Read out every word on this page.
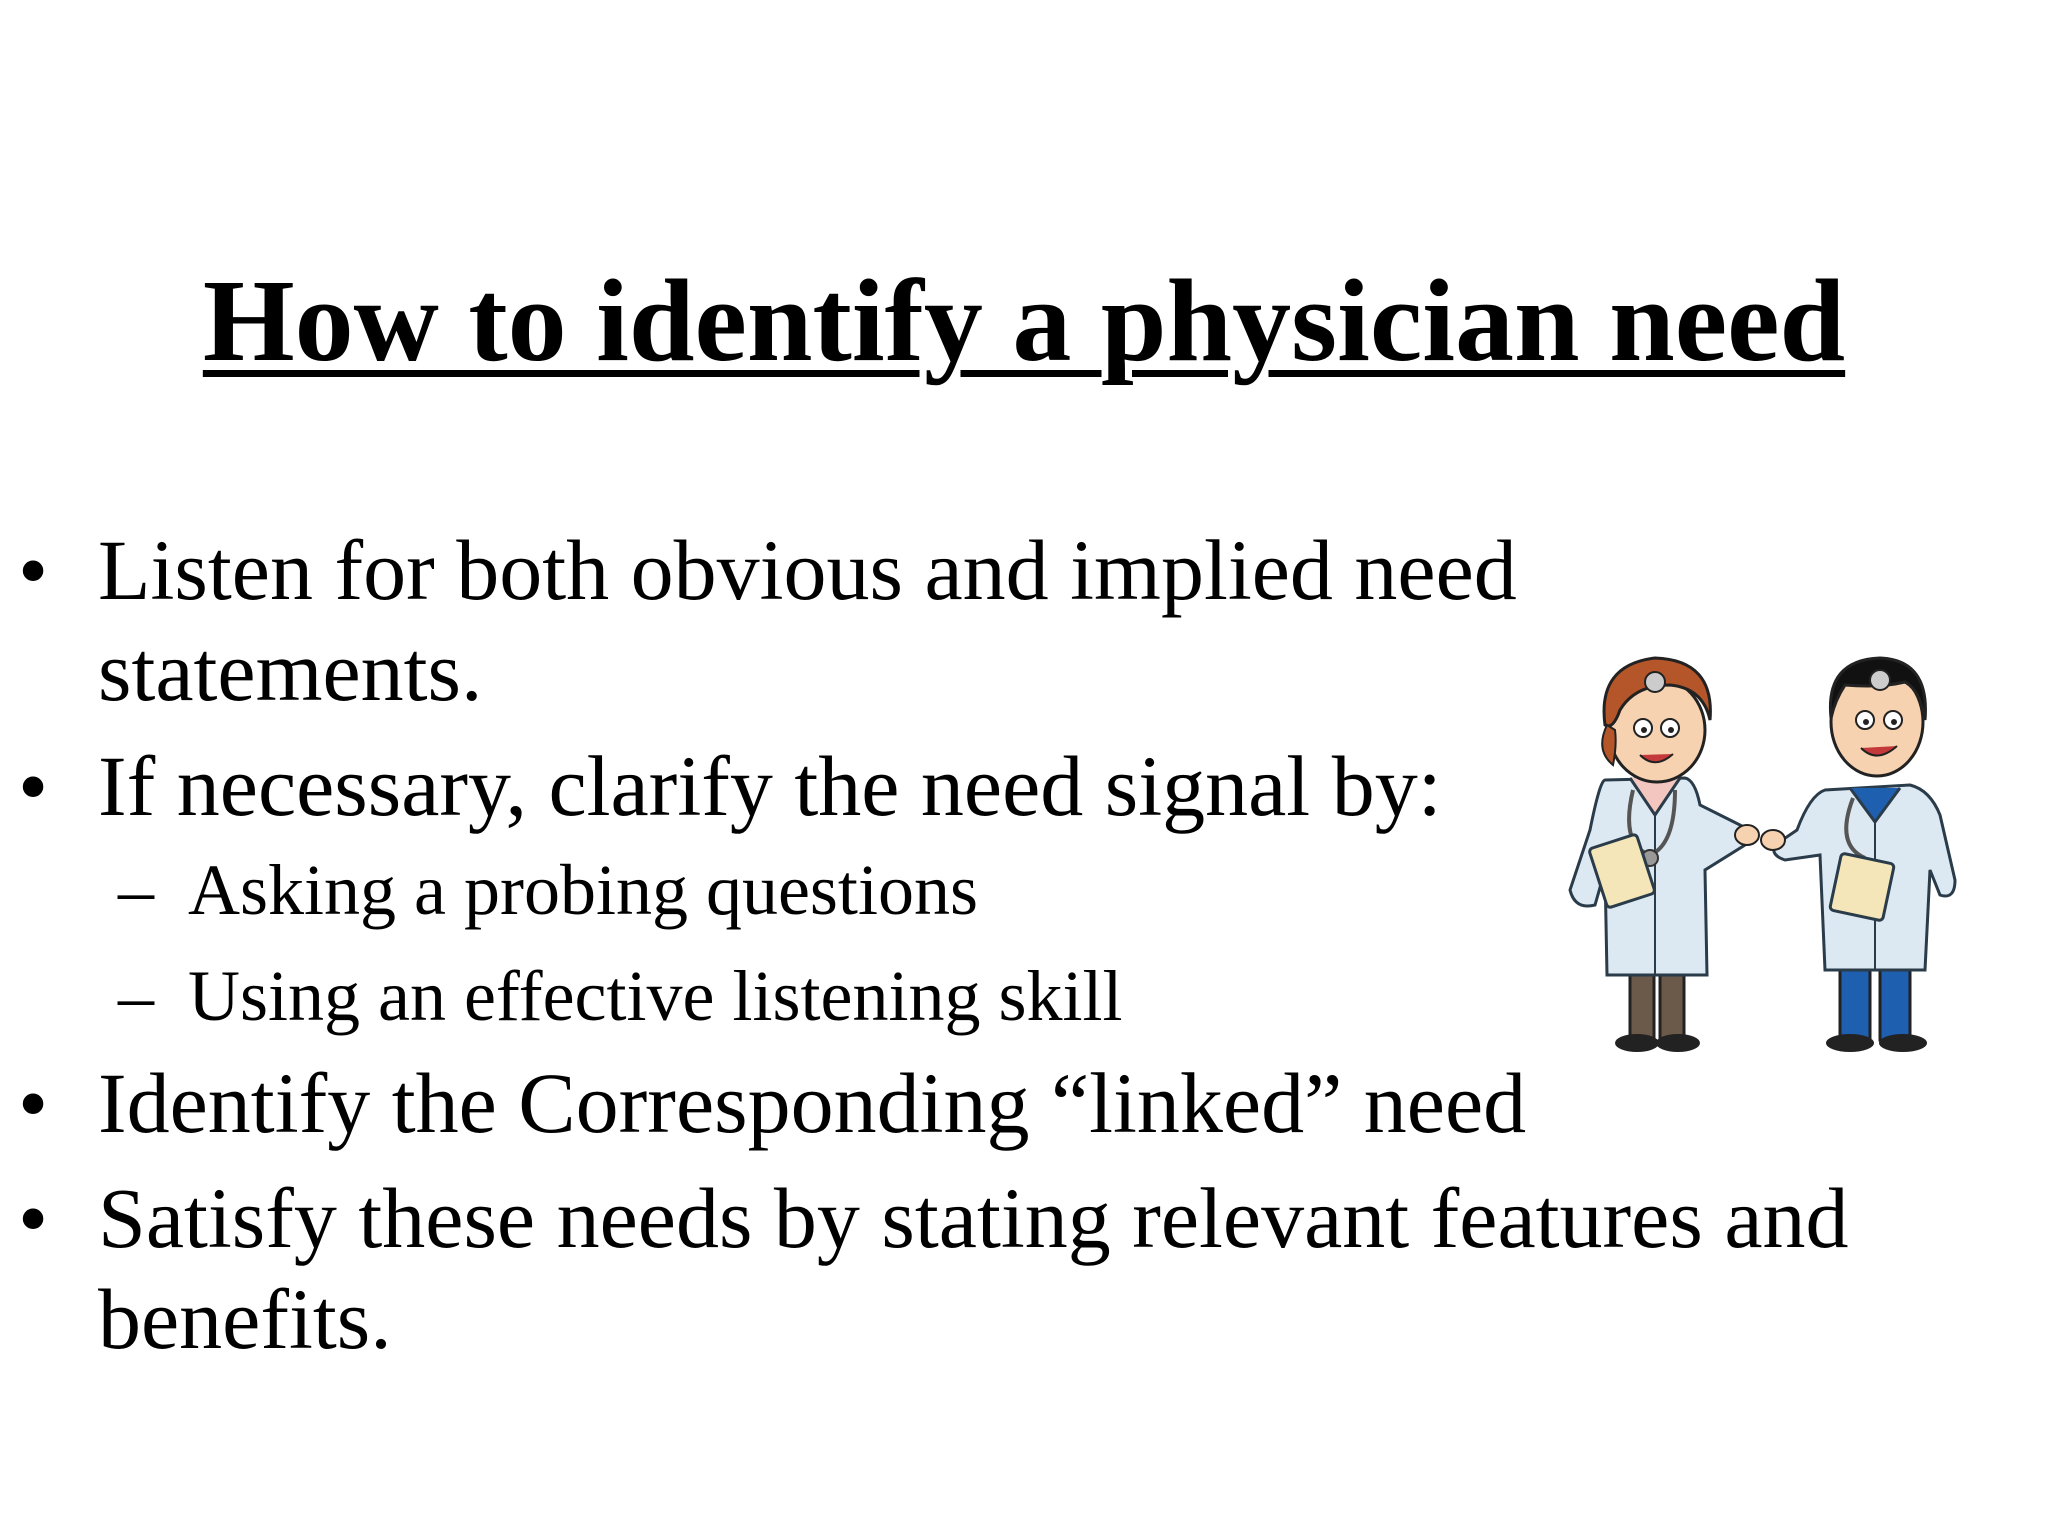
How to identify a physician need
• Listen for both obvious and implied need
statements.
• If necessary, clarify the need signal by:
– Asking a probing questions
– Using an effective listening skill
• Identify the Corresponding “linked” need
• Satisfy these needs by stating relevant features and
benefits.
